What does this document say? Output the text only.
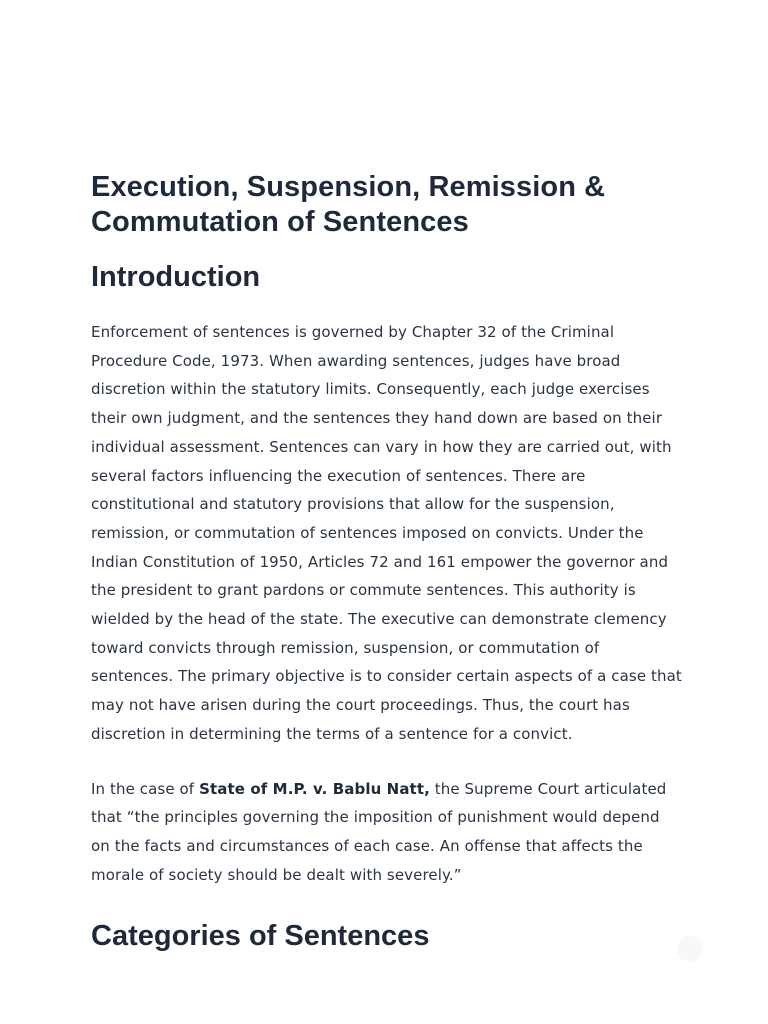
Execution, Suspension, Remission & Commutation of Sentences
Introduction

Enforcement of sentences is governed by Chapter 32 of the Criminal Procedure Code, 1973. When awarding sentences, judges have broad discretion within the statutory limits. Consequently, each judge exercises their own judgment, and the sentences they hand down are based on their individual assessment. Sentences can vary in how they are carried out, with several factors influencing the execution of sentences. There are constitutional and statutory provisions that allow for the suspension, remission, or commutation of sentences imposed on convicts. Under the Indian Constitution of 1950, Articles 72 and 161 empower the governor and the president to grant pardons or commute sentences. This authority is wielded by the head of the state. The executive can demonstrate clemency toward convicts through remission, suspension, or commutation of sentences. The primary objective is to consider certain aspects of a case that may not have arisen during the court proceedings. Thus, the court has discretion in determining the terms of a sentence for a convict.

In the case of State of M.P. v. Bablu Natt, the Supreme Court articulated that “the principles governing the imposition of punishment would depend on the facts and circumstances of each case. An offense that affects the morale of society should be dealt with severely.”

Categories of Sentences
